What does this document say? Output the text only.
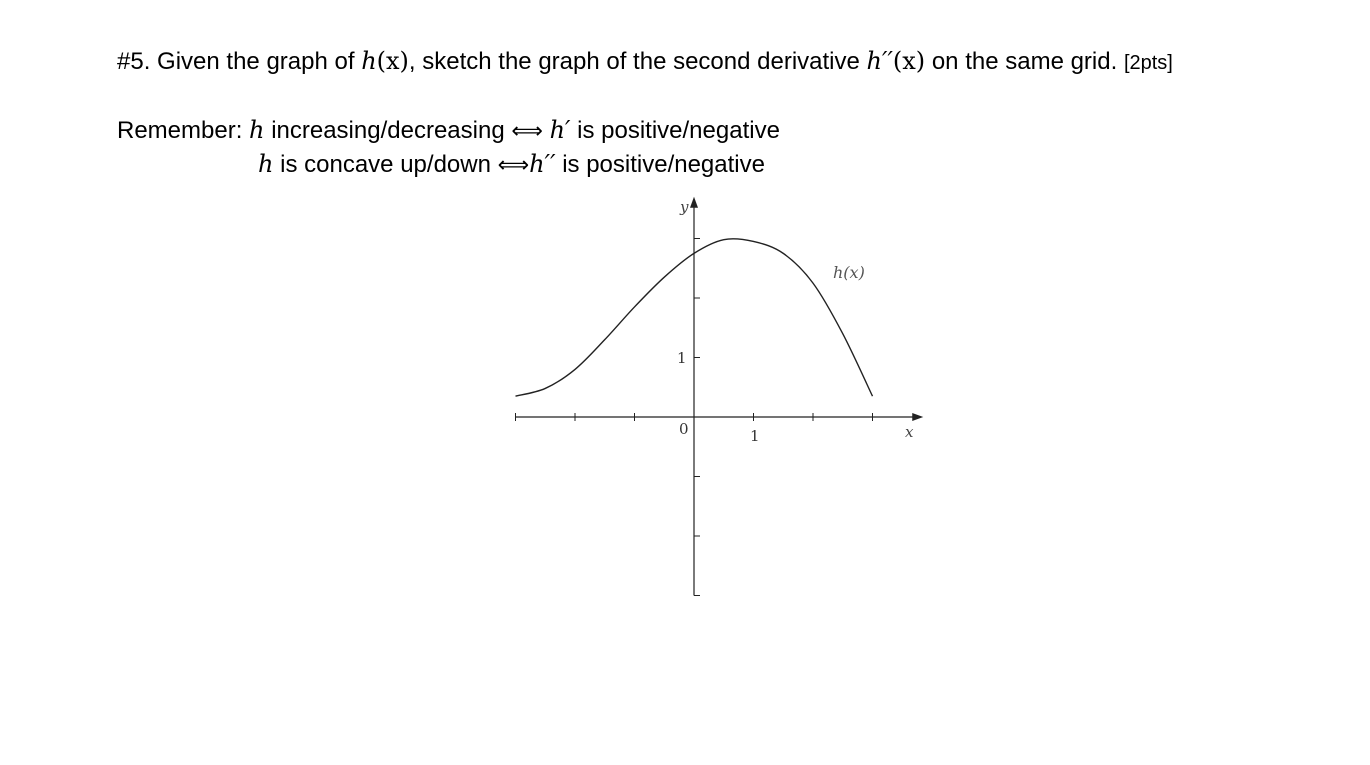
#5. Given the graph of h(x), sketch the graph of the second derivative h′′(x) on the same grid. [2pts]
Remember: h increasing/decreasing ⟺ h′ is positive/negative
h is concave up/down ⟺h′′ is positive/negative
y
x
0	1
1
h(x)
